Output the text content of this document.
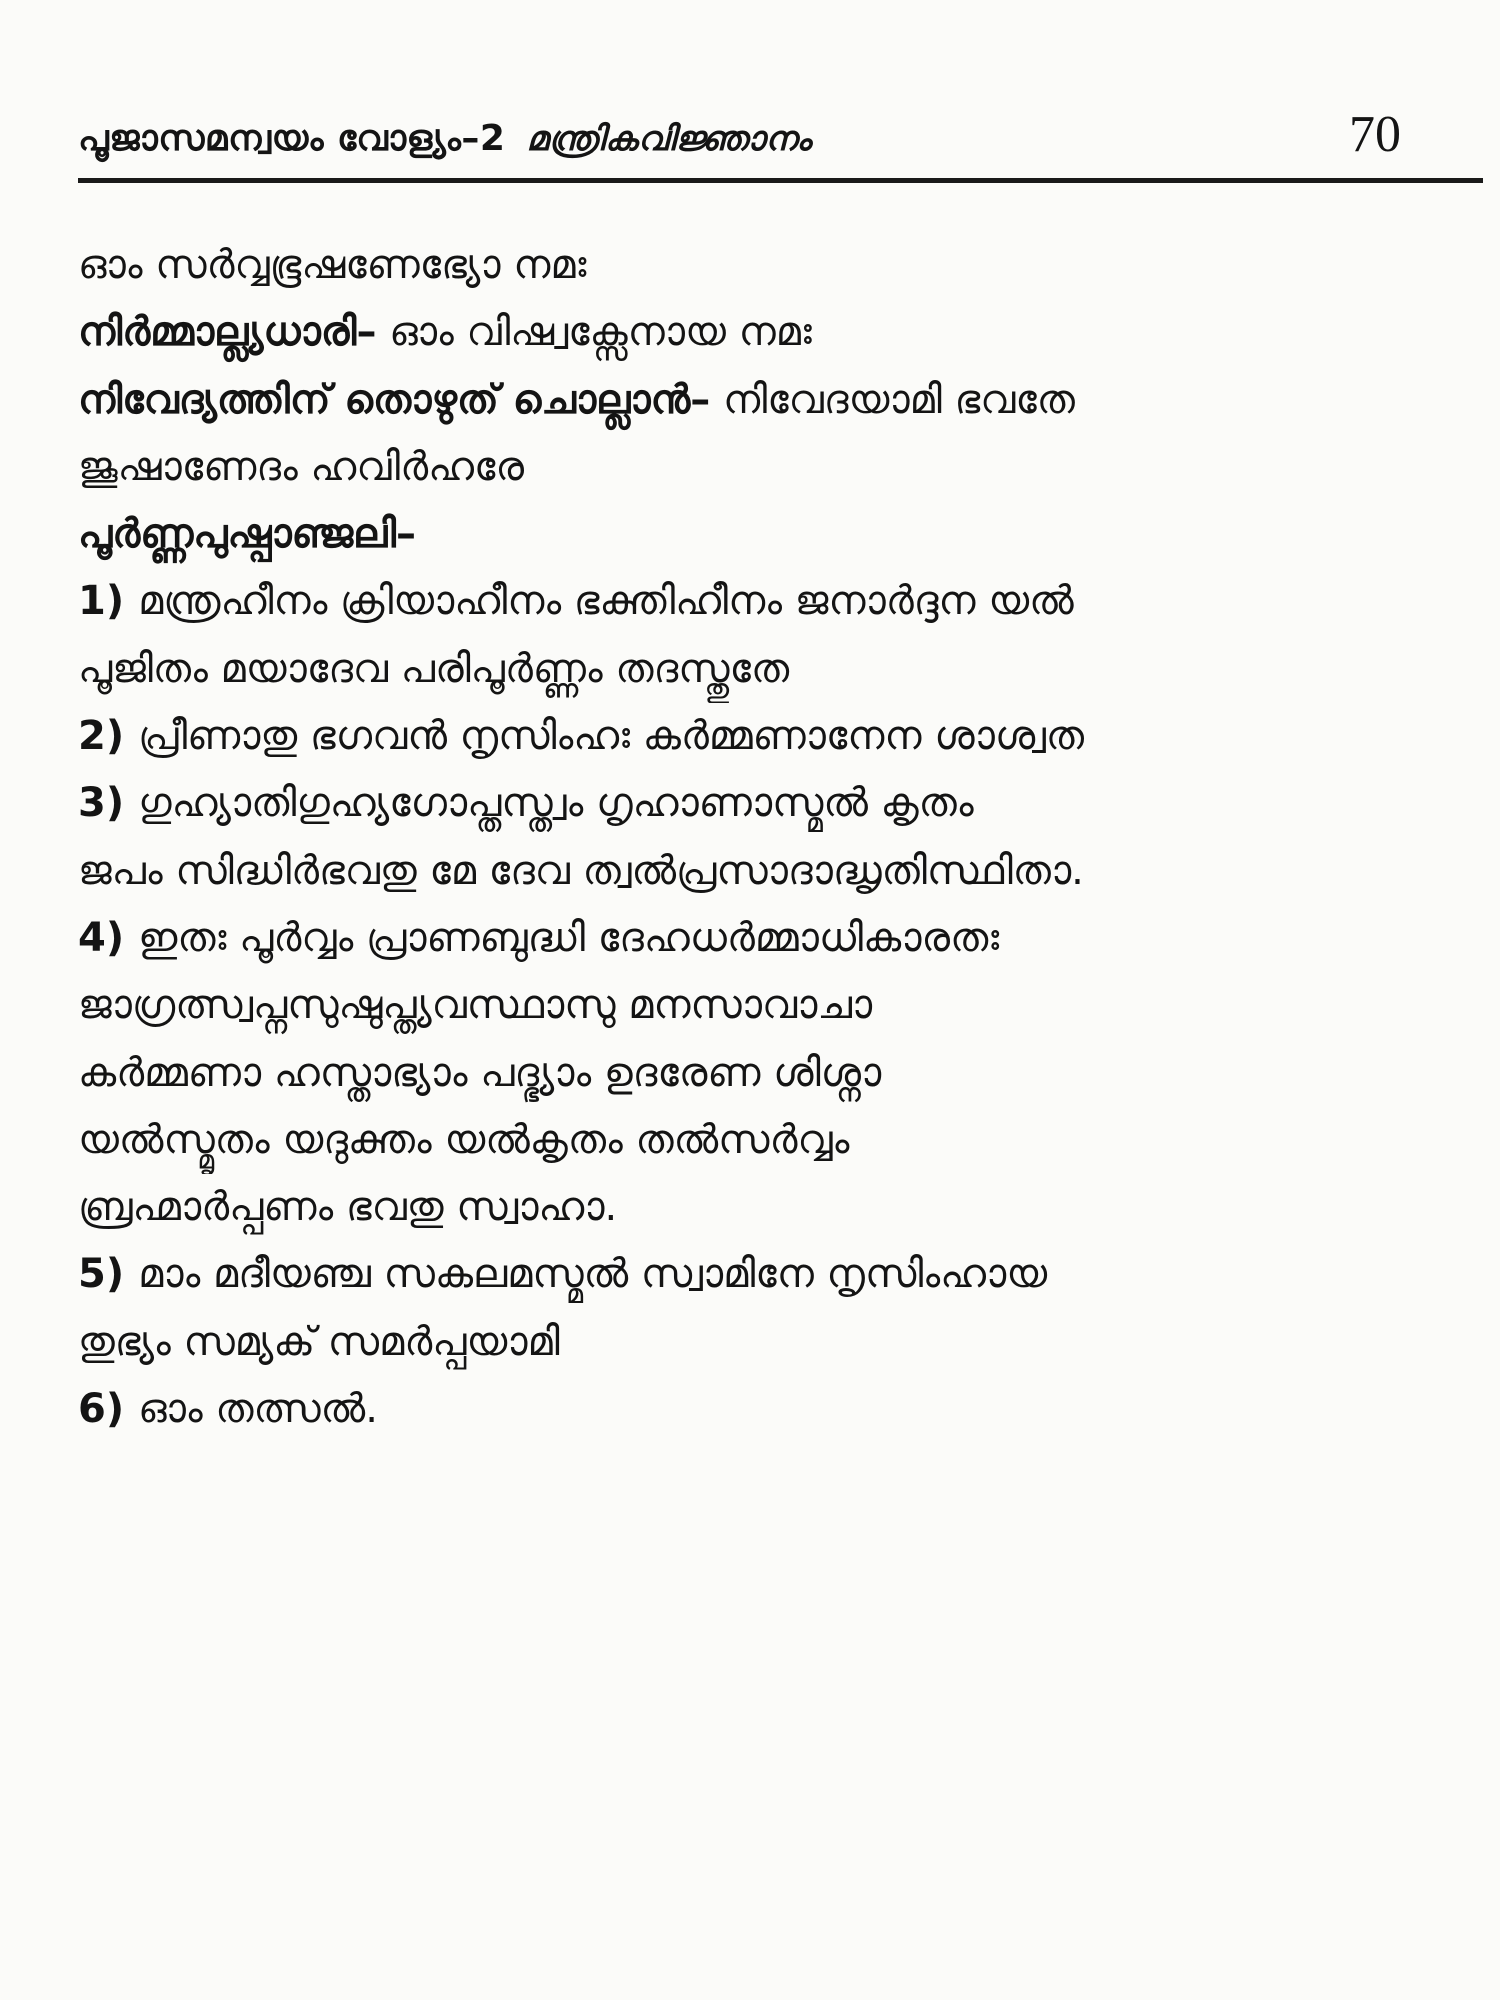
പൂജാസമന്വയം വോള്യം–2 മന്ത്രികവിജ്ഞാനം	70
ഓം സർവ്വഭൂഷണേഭ്യോ നമഃ
നിർമ്മാല്ല്യധാരി– ഓം വിഷ്വക്സേനായ നമഃ
നിവേദ്യത്തിന് തൊഴുത് ചൊല്ലാൻ– നിവേദയാമി ഭവതേ
ജൂഷാണേദം ഹവിർഹരേ
പൂർണ്ണപുഷ്പാഞ്ജലി–
1) മന്ത്രഹീനം ക്രിയാഹീനം ഭക്തിഹീനം ജനാർദ്ദന യൽ
പൂജിതം മയാദേവ പരിപൂർണ്ണം തദസ്തുതേ
2) പ്രീണാതു ഭഗവൻ നൃസിംഹഃ കർമ്മണാനേന ശാശ്വത
3) ഗുഹ്യാതിഗുഹ്യഗോപ്തസ്ത്വം ഗൃഹാണാസ്മൽ കൃതം
ജപം സിദ്ധിർഭവതു മേ ദേവ ത്വൽപ്രസാദാദ്ധൃതിസ്ഥിതാ.
4) ഇതഃ പൂർവ്വം പ്രാണബുദ്ധി ദേഹധർമ്മാധികാരതഃ
ജാഗ്രത്സ്വപ്നസുഷുപ്ത്യവസ്ഥാസു മനസാവാചാ
കർമ്മണാ ഹസ്താഭ്യാം പദ്ഭ്യാം ഉദരേണ ശിശ്നാ
യൽസ്മൃതം യദുക്തം യൽകൃതം തൽസർവ്വം
ബ്രഹ്മാർപ്പണം ഭവതു സ്വാഹാ.
5) മാം മദീയഞ്ച സകലമസ്മൽ സ്വാമിനേ നൃസിംഹായ
തുഭ്യം സമ്യക് സമർപ്പയാമി
6) ഓം തത്സൽ.
